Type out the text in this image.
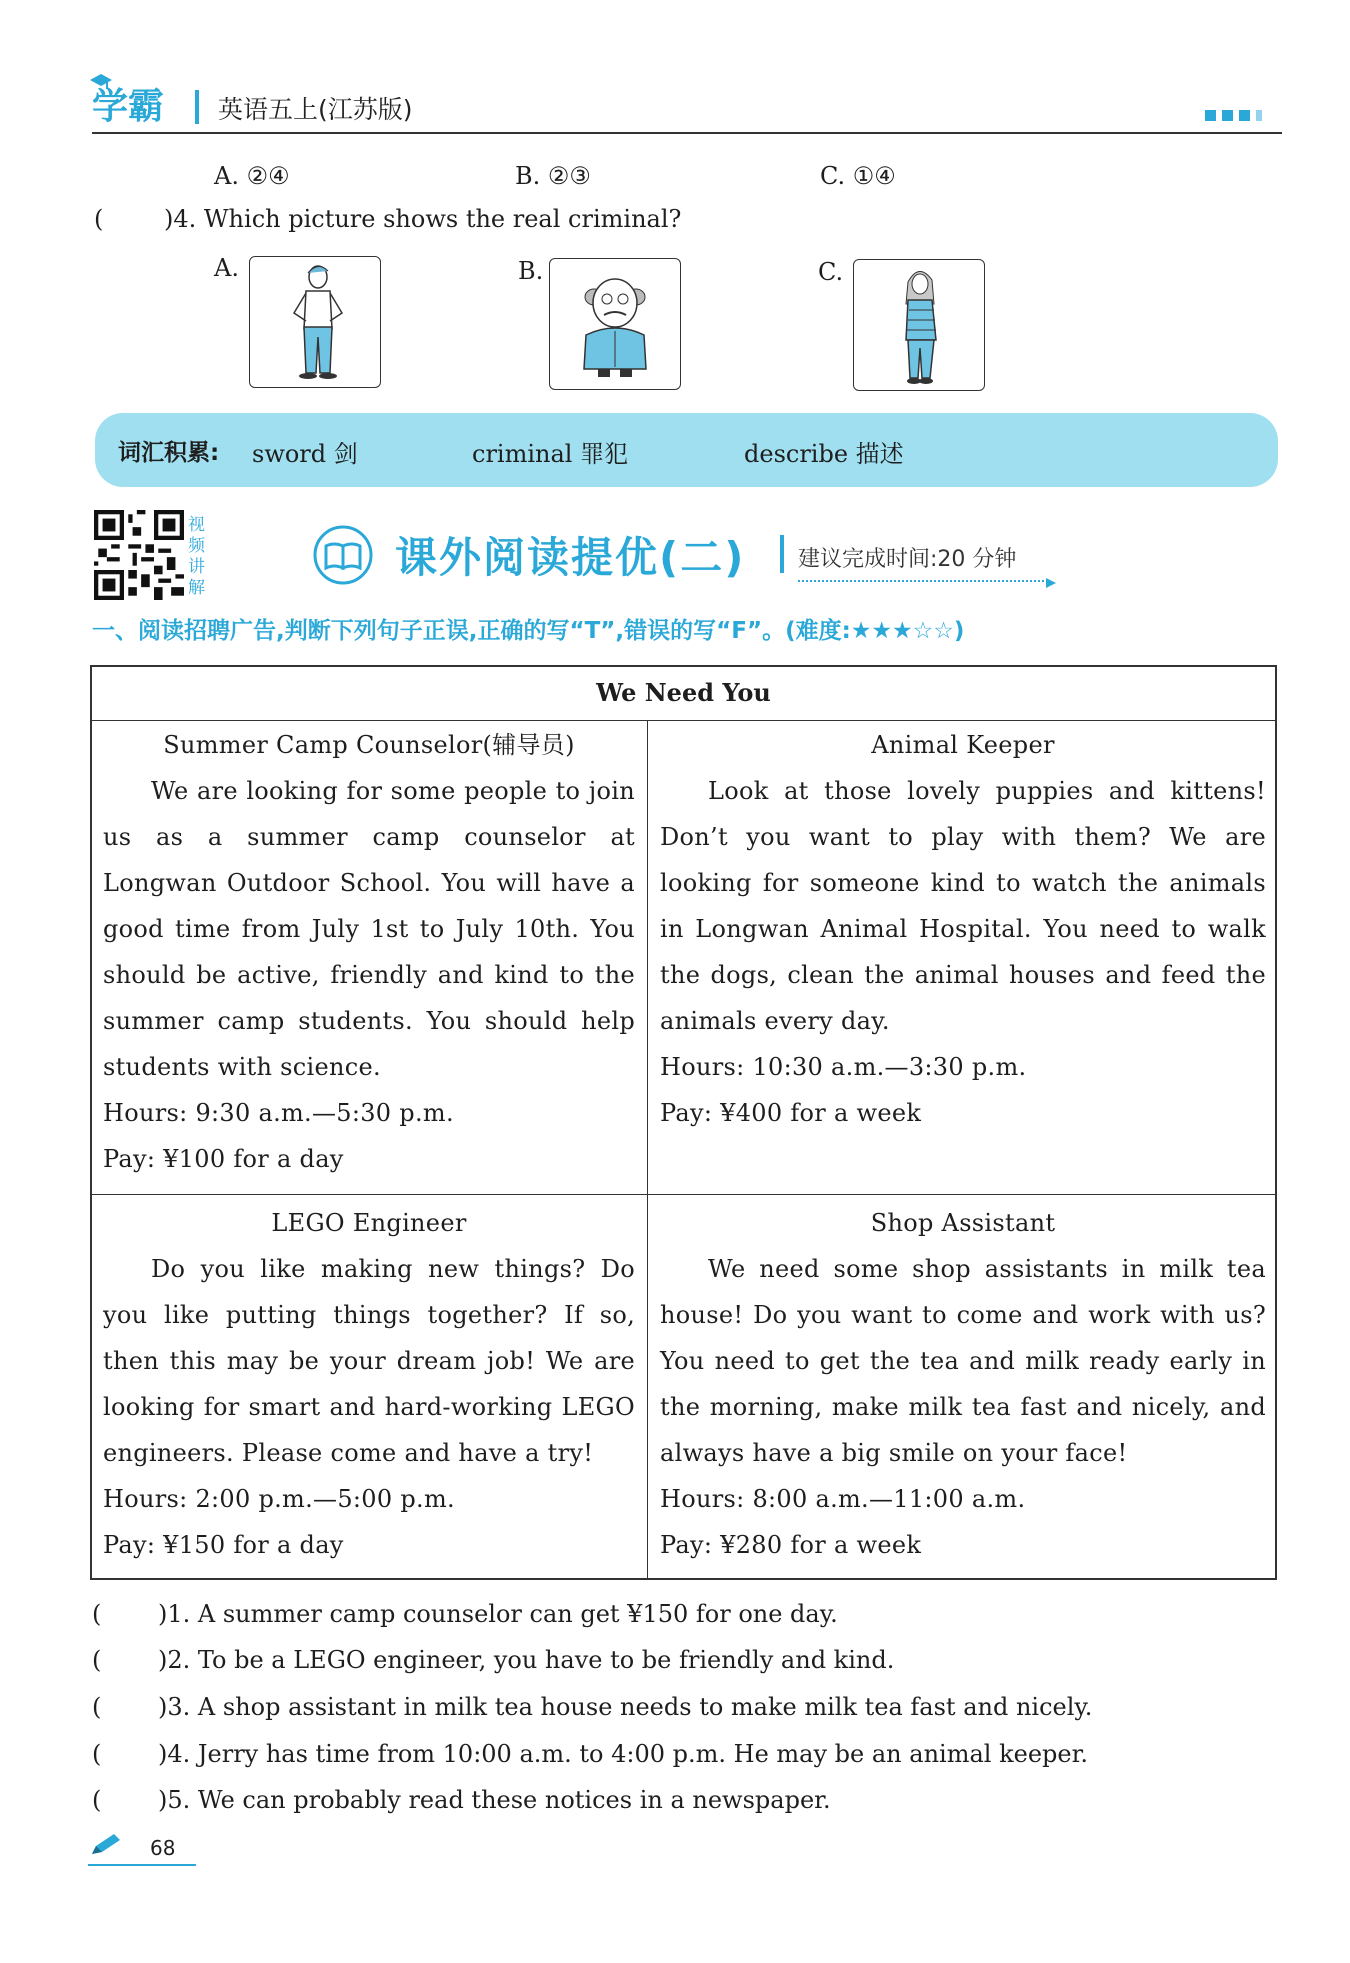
学霸 英语五上(江苏版)
A. ②④	B. ②③	C. ①④
(	)4. Which picture shows the real criminal?
A.	B.	C.
词汇积累: sword 剑	criminal 罪犯	describe 描述
视频讲解
课外阅读提优(二) 建议完成时间:20 分钟
一、阅读招聘广告,判断下列句子正误,正确的写“T”,错误的写“F”。(难度:★★★☆☆)
We Need You
Summer Camp Counselor(辅导员)
We are looking for some people to join us as a summer camp counselor at Longwan Outdoor School. You will have a good time from July 1st to July 10th. You should be active, friendly and kind to the summer camp students. You should help students with science.
Hours: 9:30 a.m.—5:30 p.m.
Pay: ¥100 for a day
Animal Keeper
Look at those lovely puppies and kittens! Don’t you want to play with them? We are looking for someone kind to watch the animals in Longwan Animal Hospital. You need to walk the dogs, clean the animal houses and feed the animals every day.
Hours: 10:30 a.m.—3:30 p.m.
Pay: ¥400 for a week
LEGO Engineer
Do you like making new things? Do you like putting things together? If so, then this may be your dream job! We are looking for smart and hard-working LEGO engineers. Please come and have a try!
Hours: 2:00 p.m.—5:00 p.m.
Pay: ¥150 for a day
Shop Assistant
We need some shop assistants in milk tea house! Do you want to come and work with us? You need to get the tea and milk ready early in the morning, make milk tea fast and nicely, and always have a big smile on your face!
Hours: 8:00 a.m.—11:00 a.m.
Pay: ¥280 for a week
( )1. A summer camp counselor can get ¥150 for one day.
( )2. To be a LEGO engineer, you have to be friendly and kind.
( )3. A shop assistant in milk tea house needs to make milk tea fast and nicely.
( )4. Jerry has time from 10:00 a.m. to 4:00 p.m. He may be an animal keeper.
( )5. We can probably read these notices in a newspaper.
68
